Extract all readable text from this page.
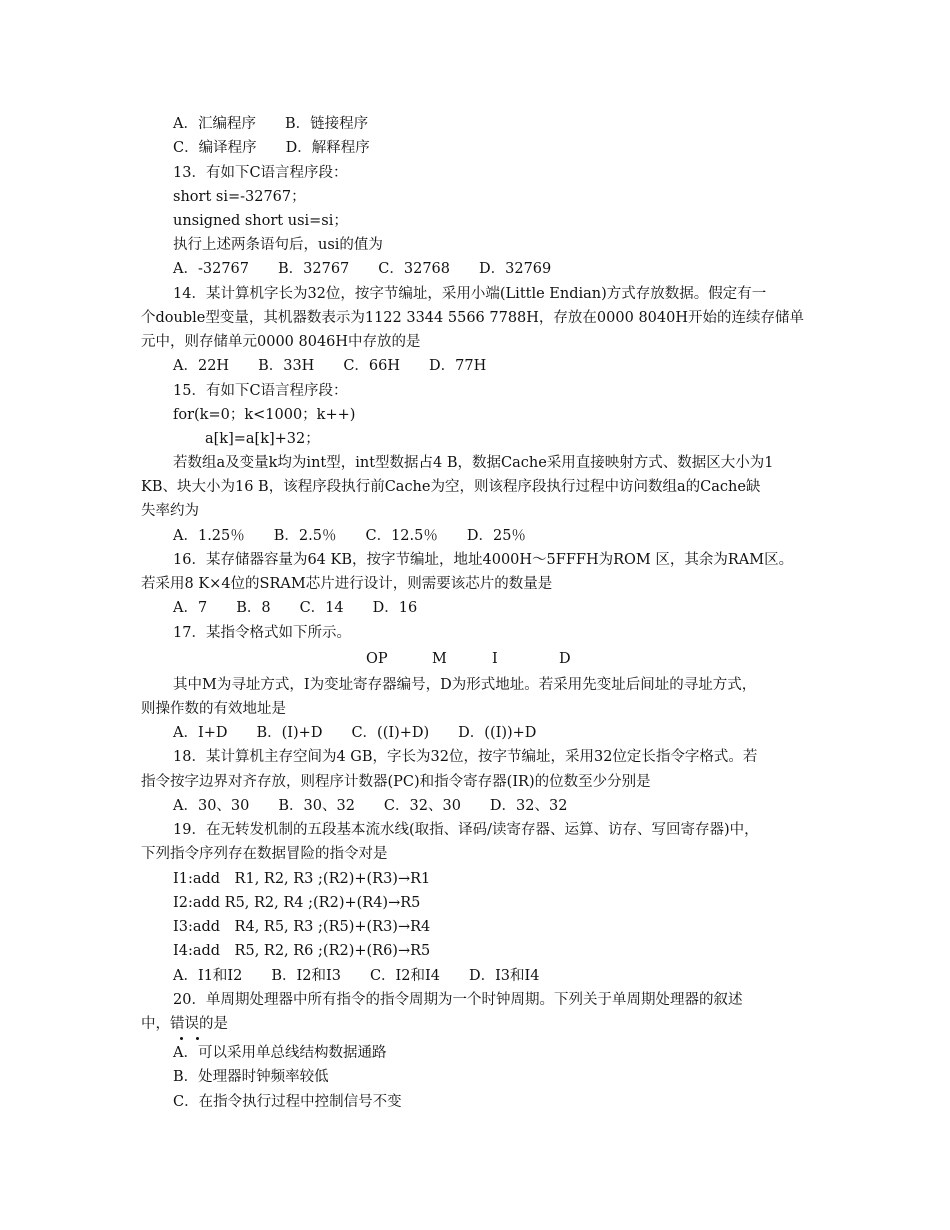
A．汇编程序　　B．链接程序
C．编译程序　　D．解释程序
13．有如下C语言程序段：
short si=-32767；
unsigned short usi=si；
执行上述两条语句后，usi的值为
A．-32767　　B．32767　　C．32768　　D．32769
14．某计算机字长为32位，按字节编址，采用小端(Little Endian)方式存放数据。假定有一
个double型变量，其机器数表示为1122 3344 5566 7788H，存放在0000 8040H开始的连续存储单
元中，则存储单元0000 8046H中存放的是
A．22H　　B．33H　　C．66H　　D．77H
15．有如下C语言程序段：
for(k=0；k<1000；k++)
a[k]=a[k]+32；
若数组a及变量k均为int型，int型数据占4 B，数据Cache采用直接映射方式、数据区大小为1
KB、块大小为16 B，该程序段执行前Cache为空，则该程序段执行过程中访问数组a的Cache缺
失率约为
A．1.25％　　B．2.5％　　C．12.5％　　D．25％
16．某存储器容量为64 KB，按字节编址，地址4000H～5FFFH为ROM 区，其余为RAM区。
若采用8 K×4位的SRAM芯片进行设计，则需要该芯片的数量是
A．7　　B．8　　C．14　　D．16
17．某指令格式如下所示。
OP	M	I	D
其中M为寻址方式，I为变址寄存器编号，D为形式地址。若采用先变址后间址的寻址方式，
则操作数的有效地址是
A．I+D　　B．(I)+D　　C．((I)+D)　　D．((I))+D
18．某计算机主存空间为4 GB，字长为32位，按字节编址，采用32位定长指令字格式。若
指令按字边界对齐存放，则程序计数器(PC)和指令寄存器(IR)的位数至少分别是
A．30、30　　B．30、32　　C．32、30　　D．32、32
19．在无转发机制的五段基本流水线(取指、译码/读寄存器、运算、访存、写回寄存器)中，
下列指令序列存在数据冒险的指令对是
I1:add　R1, R2, R3 ;(R2)+(R3)→R1
I2:add R5, R2, R4 ;(R2)+(R4)→R5
I3:add　R4, R5, R3 ;(R5)+(R3)→R4
I4:add　R5, R2, R6 ;(R2)+(R6)→R5
A．I1和I2　　B．I2和I3　　C．I2和I4　　D．I3和I4
20．单周期处理器中所有指令的指令周期为一个时钟周期。下列关于单周期处理器的叙述
中，错误的是
A．可以采用单总线结构数据通路
B．处理器时钟频率较低
C．在指令执行过程中控制信号不变
